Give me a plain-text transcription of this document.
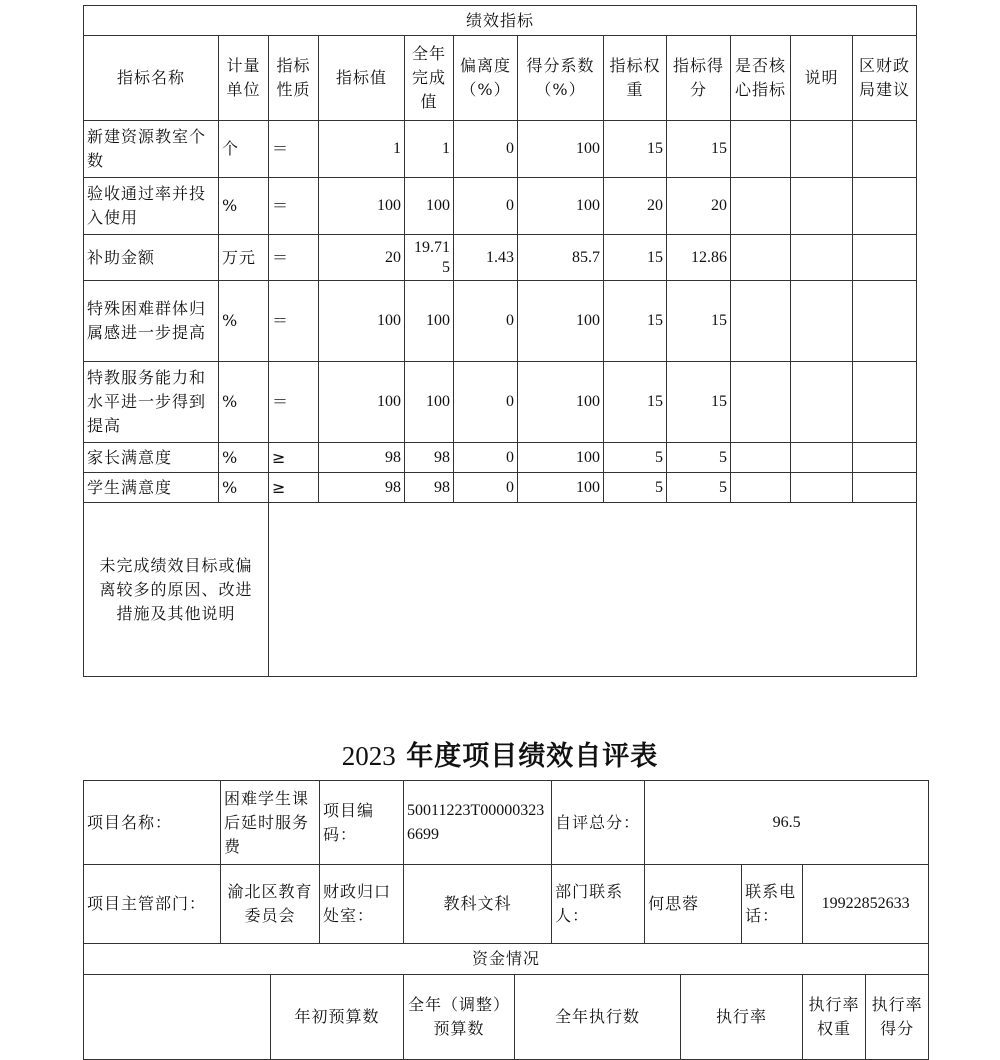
绩效指标											
指标名称	计量单位	指标性质	指标值	全年完成值	偏离度（%）	得分系数（%）	指标权重	指标得分	是否核心指标	说明	区财政局建议
新建资源教室个数	个	＝	1	1	0	100	15	15			
验收通过率并投入使用	%	＝	100	100	0	100	20	20			
补助金额	万元	＝	20	19.715	1.43	85.7	15	12.86			
特殊困难群体归属感进一步提高	%	＝	100	100	0	100	15	15			
特教服务能力和水平进一步得到提高	%	＝	100	100	0	100	15	15			
家长满意度	%	≥	98	98	0	100	5	5			
学生满意度	%	≥	98	98	0	100	5	5			
未完成绩效目标或偏离较多的原因、改进措施及其他说明											
2023 年度项目绩效自评表
项目名称：	困难学生课后延时服务费		项目编码：	50011223T000003236699		自评总分：	96.5				
项目主管部门：	渝北区教育委员会		财政归口处室：	教科文科		部门联系人：	何思蓉		联系电话：	19922852633	
资金情况											
		年初预算数		全年（调整）预算数	全年执行数			执行率		执行率权重	执行率得分
